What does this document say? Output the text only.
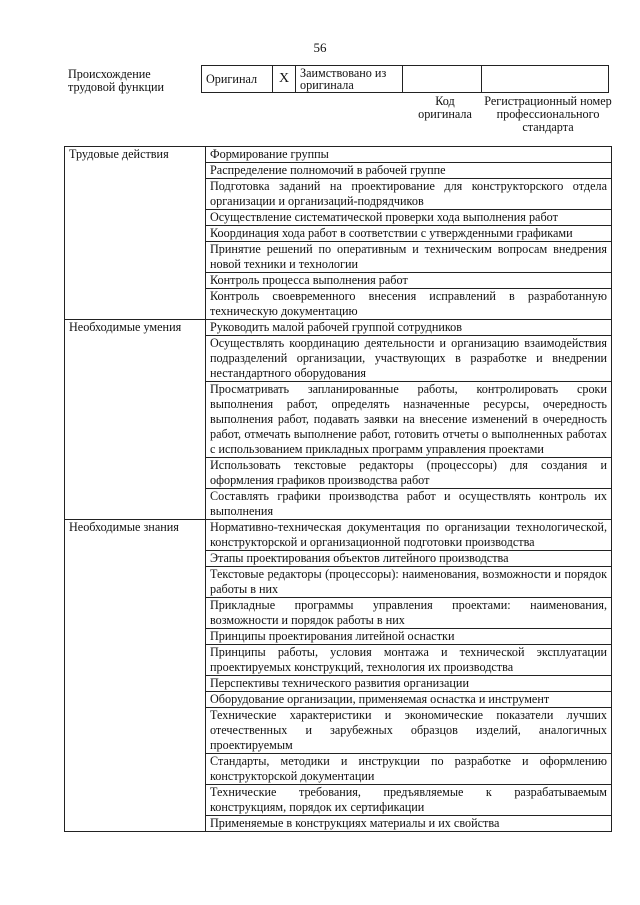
56
Происхождение трудовой функции
Оригинал	X	Заимствовано из оригинала		
Код оригинала
Регистрационный номер профессионального стандарта
Трудовые действия	Формирование группы
	Распределение полномочий в рабочей группе
	Подготовка заданий на проектирование для конструкторского отдела организации и организаций-подрядчиков
	Осуществление систематической проверки хода выполнения работ
	Координация хода работ в соответствии с утвержденными графиками
	Принятие решений по оперативным и техническим вопросам внедрения новой техники и технологии
	Контроль процесса выполнения работ
	Контроль своевременного внесения исправлений в разработанную техническую документацию
Необходимые умения	Руководить малой рабочей группой сотрудников
	Осуществлять координацию деятельности и организацию взаимодействия подразделений организации, участвующих в разработке и внедрении нестандартного оборудования
	Просматривать запланированные работы, контролировать сроки выполнения работ, определять назначенные ресурсы, очередность выполнения работ, подавать заявки на внесение изменений в очередность работ, отмечать выполнение работ, готовить отчеты о выполненных работах с использованием прикладных программ управления проектами
	Использовать текстовые редакторы (процессоры) для создания и оформления графиков производства работ
	Составлять графики производства работ и осуществлять контроль их выполнения
Необходимые знания	Нормативно-техническая документация по организации технологической, конструкторской и организационной подготовки производства
	Этапы проектирования объектов литейного производства
	Текстовые редакторы (процессоры): наименования, возможности и порядок работы в них
	Прикладные программы управления проектами: наименования, возможности и порядок работы в них
	Принципы проектирования литейной оснастки
	Принципы работы, условия монтажа и технической эксплуатации проектируемых конструкций, технология их производства
	Перспективы технического развития организации
	Оборудование организации, применяемая оснастка и инструмент
	Технические характеристики и экономические показатели лучших отечественных и зарубежных образцов изделий, аналогичных проектируемым
	Стандарты, методики и инструкции по разработке и оформлению конструкторской документации
	Технические требования, предъявляемые к разрабатываемым конструкциям, порядок их сертификации
	Применяемые в конструкциях материалы и их свойства
